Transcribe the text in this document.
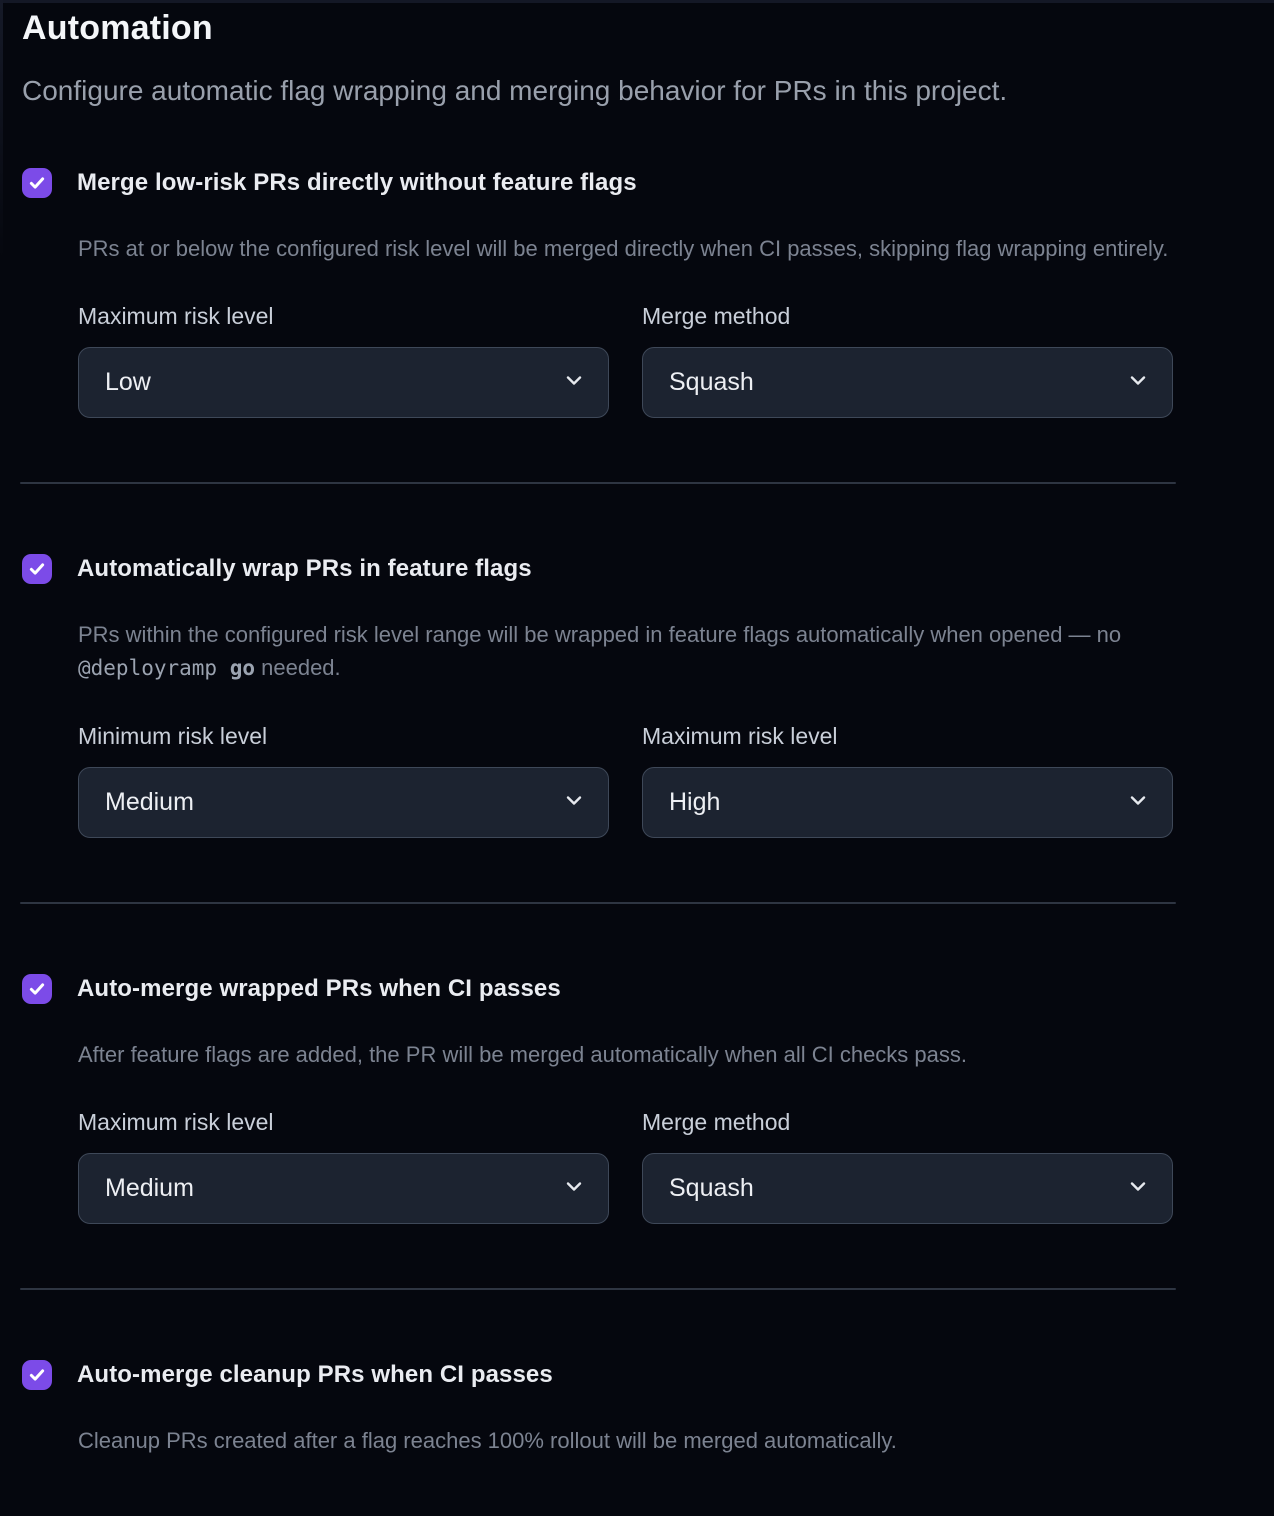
Automation

Configure automatic flag wrapping and merging behavior for PRs in this project.

Merge low-risk PRs directly without feature flags

PRs at or below the configured risk level will be merged directly when CI passes, skipping flag wrapping entirely.

Maximum risk level
Low
Merge method
Squash
Automatically wrap PRs in feature flags

PRs within the configured risk level range will be wrapped in feature flags automatically when opened — no @deployramp go needed.

Minimum risk level
Medium
Maximum risk level
High
Auto-merge wrapped PRs when CI passes

After feature flags are added, the PR will be merged automatically when all CI checks pass.

Maximum risk level
Medium
Merge method
Squash
Auto-merge cleanup PRs when CI passes

Cleanup PRs created after a flag reaches 100% rollout will be merged automatically.
